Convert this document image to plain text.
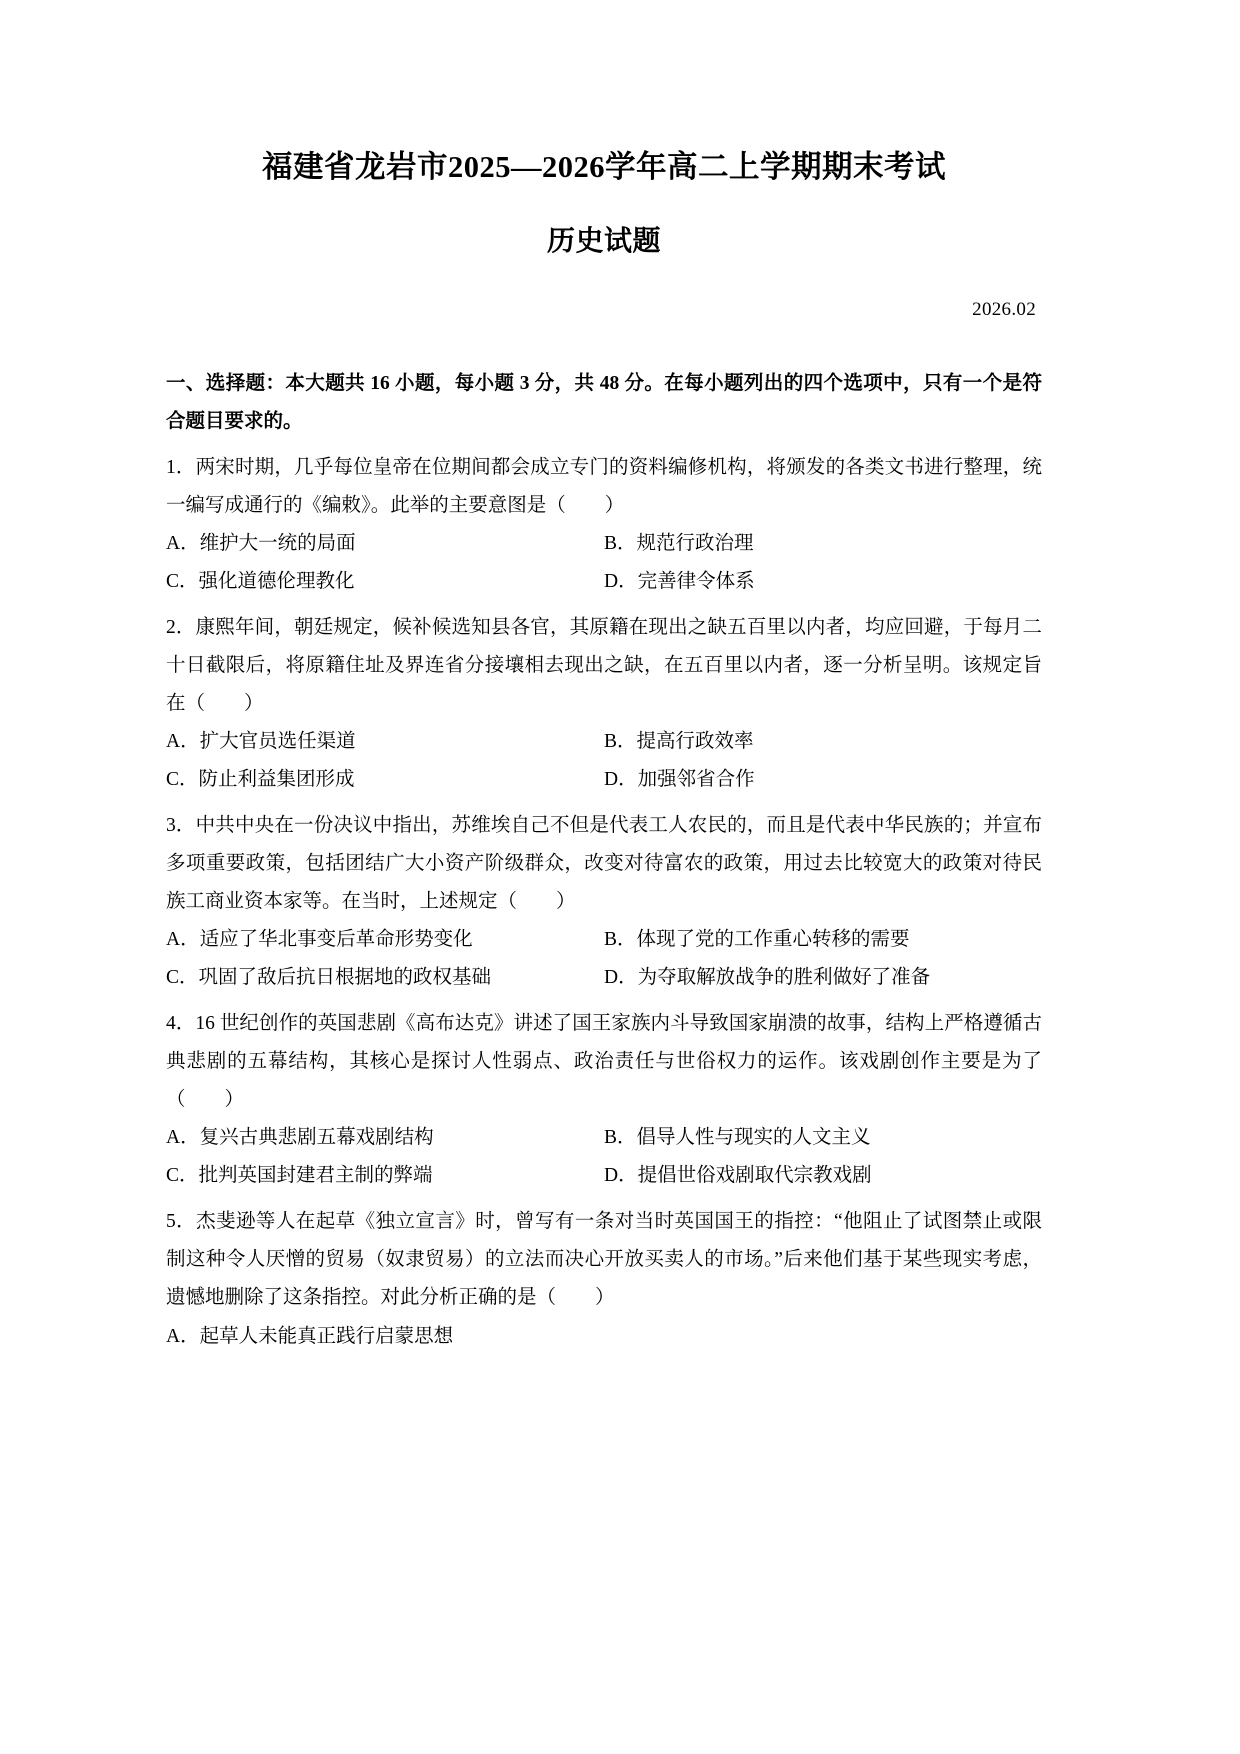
福建省龙岩市2025—2026学年高二上学期期末考试
历史试题
2026.02
一、选择题：本大题共 16 小题，每小题 3 分，共 48 分。在每小题列出的四个选项中，只有一个是符合题目要求的。
1．两宋时期，几乎每位皇帝在位期间都会成立专门的资料编修机构，将颁发的各类文书进行整理，统一编写成通行的《编敕》。此举的主要意图是（　　）
A．维护大一统的局面	B．规范行政治理
C．强化道德伦理教化	D．完善律令体系
2．康熙年间，朝廷规定，候补候选知县各官，其原籍在现出之缺五百里以内者，均应回避，于每月二十日截限后，将原籍住址及界连省分接壤相去现出之缺，在五百里以内者，逐一分析呈明。该规定旨在（　　）
A．扩大官员选任渠道	B．提高行政效率
C．防止利益集团形成	D．加强邻省合作
3．中共中央在一份决议中指出，苏维埃自己不但是代表工人农民的，而且是代表中华民族的；并宣布多项重要政策，包括团结广大小资产阶级群众，改变对待富农的政策，用过去比较宽大的政策对待民族工商业资本家等。在当时，上述规定（　　）
A．适应了华北事变后革命形势变化	B．体现了党的工作重心转移的需要
C．巩固了敌后抗日根据地的政权基础	D．为夺取解放战争的胜利做好了准备
4．16 世纪创作的英国悲剧《高布达克》讲述了国王家族内斗导致国家崩溃的故事，结构上严格遵循古典悲剧的五幕结构，其核心是探讨人性弱点、政治责任与世俗权力的运作。该戏剧创作主要是为了（　　）
A．复兴古典悲剧五幕戏剧结构	B．倡导人性与现实的人文主义
C．批判英国封建君主制的弊端	D．提倡世俗戏剧取代宗教戏剧
5．杰斐逊等人在起草《独立宣言》时，曾写有一条对当时英国国王的指控：“他阻止了试图禁止或限制这种令人厌憎的贸易（奴隶贸易）的立法而决心开放买卖人的市场。”后来他们基于某些现实考虑，遗憾地删除了这条指控。对此分析正确的是（　　）
A．起草人未能真正践行启蒙思想
